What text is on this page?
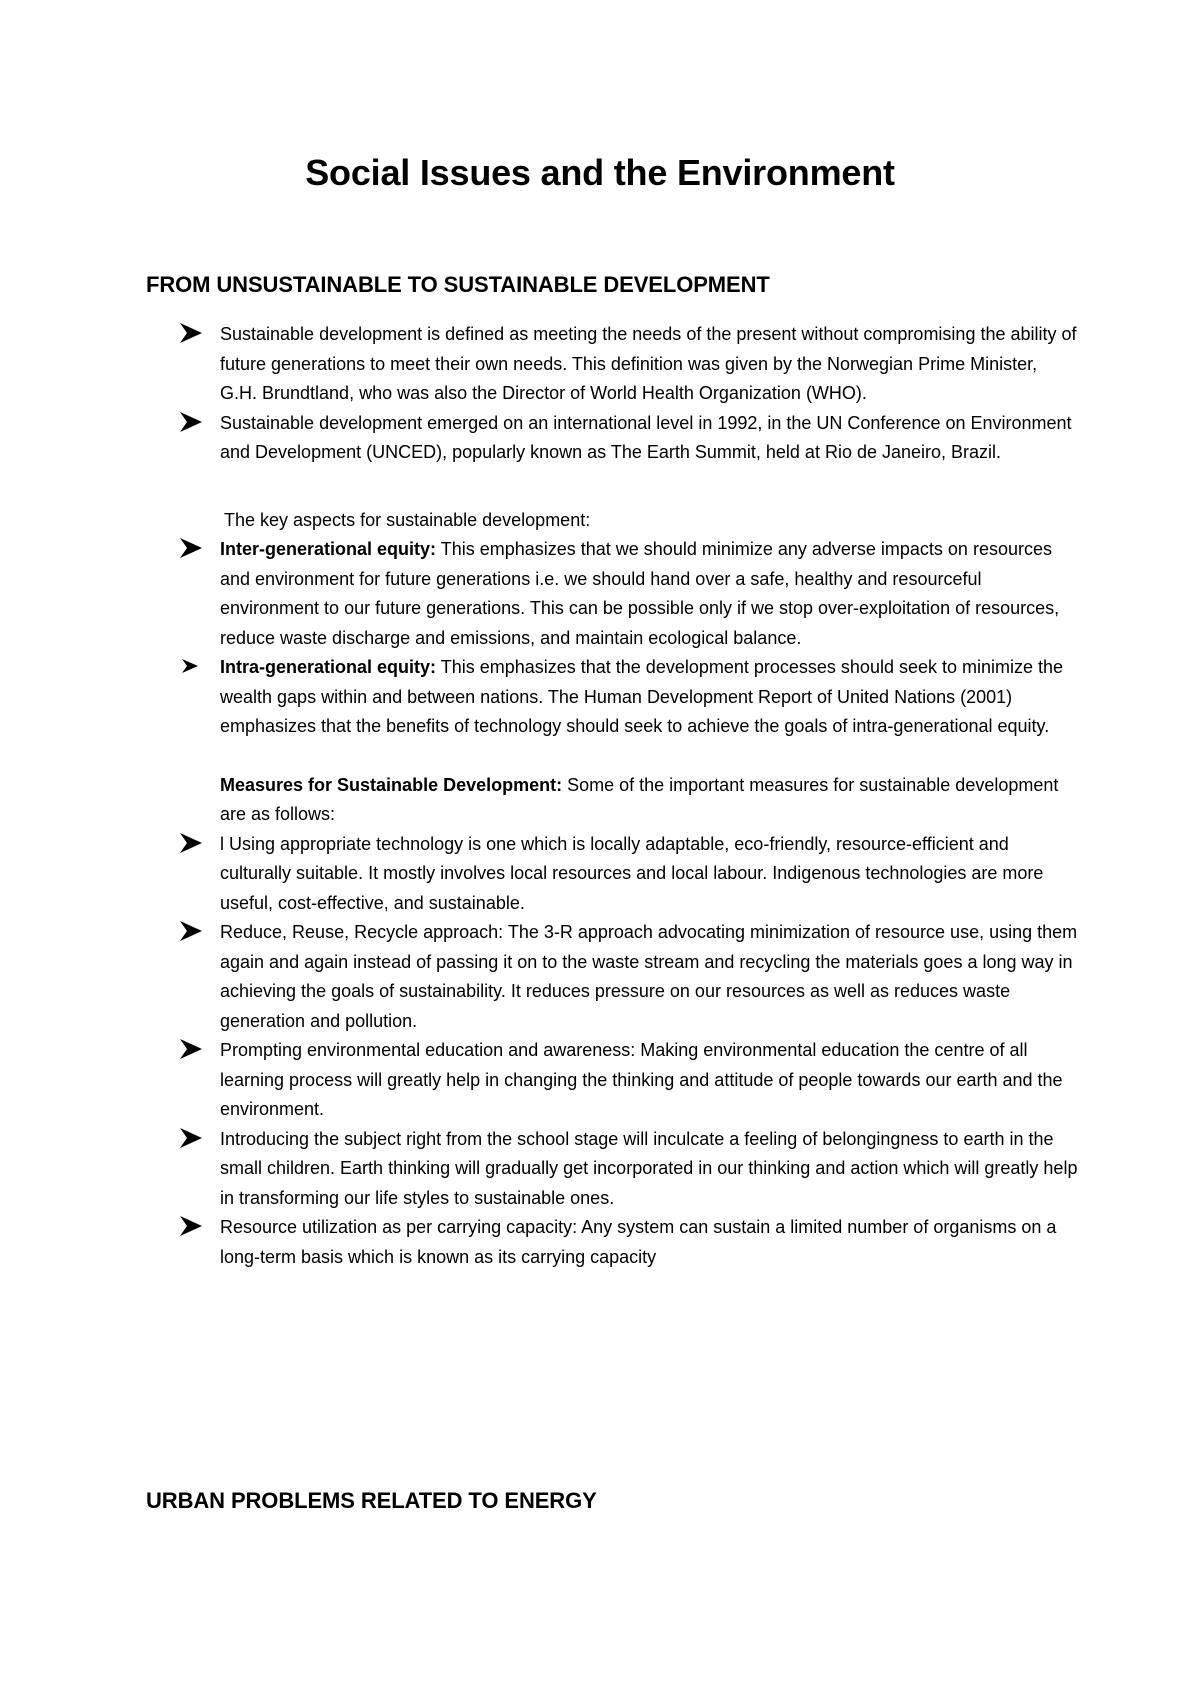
Social Issues and the Environment
FROM UNSUSTAINABLE TO SUSTAINABLE DEVELOPMENT
Sustainable development is defined as meeting the needs of the present without compromising the ability of future generations to meet their own needs. This definition was given by the Norwegian Prime Minister, G.H. Brundtland, who was also the Director of World Health Organization (WHO).
Sustainable development emerged on an international level in 1992, in the UN Conference on Environment and Development (UNCED), popularly known as The Earth Summit, held at Rio de Janeiro, Brazil.
The key aspects for sustainable development:
Inter-generational equity: This emphasizes that we should minimize any adverse impacts on resources and environment for future generations i.e. we should hand over a safe, healthy and resourceful environment to our future generations. This can be possible only if we stop over-exploitation of resources, reduce waste discharge and emissions, and maintain ecological balance.
Intra-generational equity: This emphasizes that the development processes should seek to minimize the wealth gaps within and between nations. The Human Development Report of United Nations (2001) emphasizes that the benefits of technology should seek to achieve the goals of intra-generational equity.
Measures for Sustainable Development: Some of the important measures for sustainable development are as follows:
l Using appropriate technology is one which is locally adaptable, eco-friendly, resource-efficient and culturally suitable. It mostly involves local resources and local labour. Indigenous technologies are more useful, cost-effective, and sustainable.
Reduce, Reuse, Recycle approach: The 3-R approach advocating minimization of resource use, using them again and again instead of passing it on to the waste stream and recycling the materials goes a long way in achieving the goals of sustainability. It reduces pressure on our resources as well as reduces waste generation and pollution.
Prompting environmental education and awareness: Making environmental education the centre of all learning process will greatly help in changing the thinking and attitude of people towards our earth and the environment.
Introducing the subject right from the school stage will inculcate a feeling of belongingness to earth in the small children. Earth thinking will gradually get incorporated in our thinking and action which will greatly help in transforming our life styles to sustainable ones.
Resource utilization as per carrying capacity: Any system can sustain a limited number of organisms on a long-term basis which is known as its carrying capacity
URBAN PROBLEMS RELATED TO ENERGY
